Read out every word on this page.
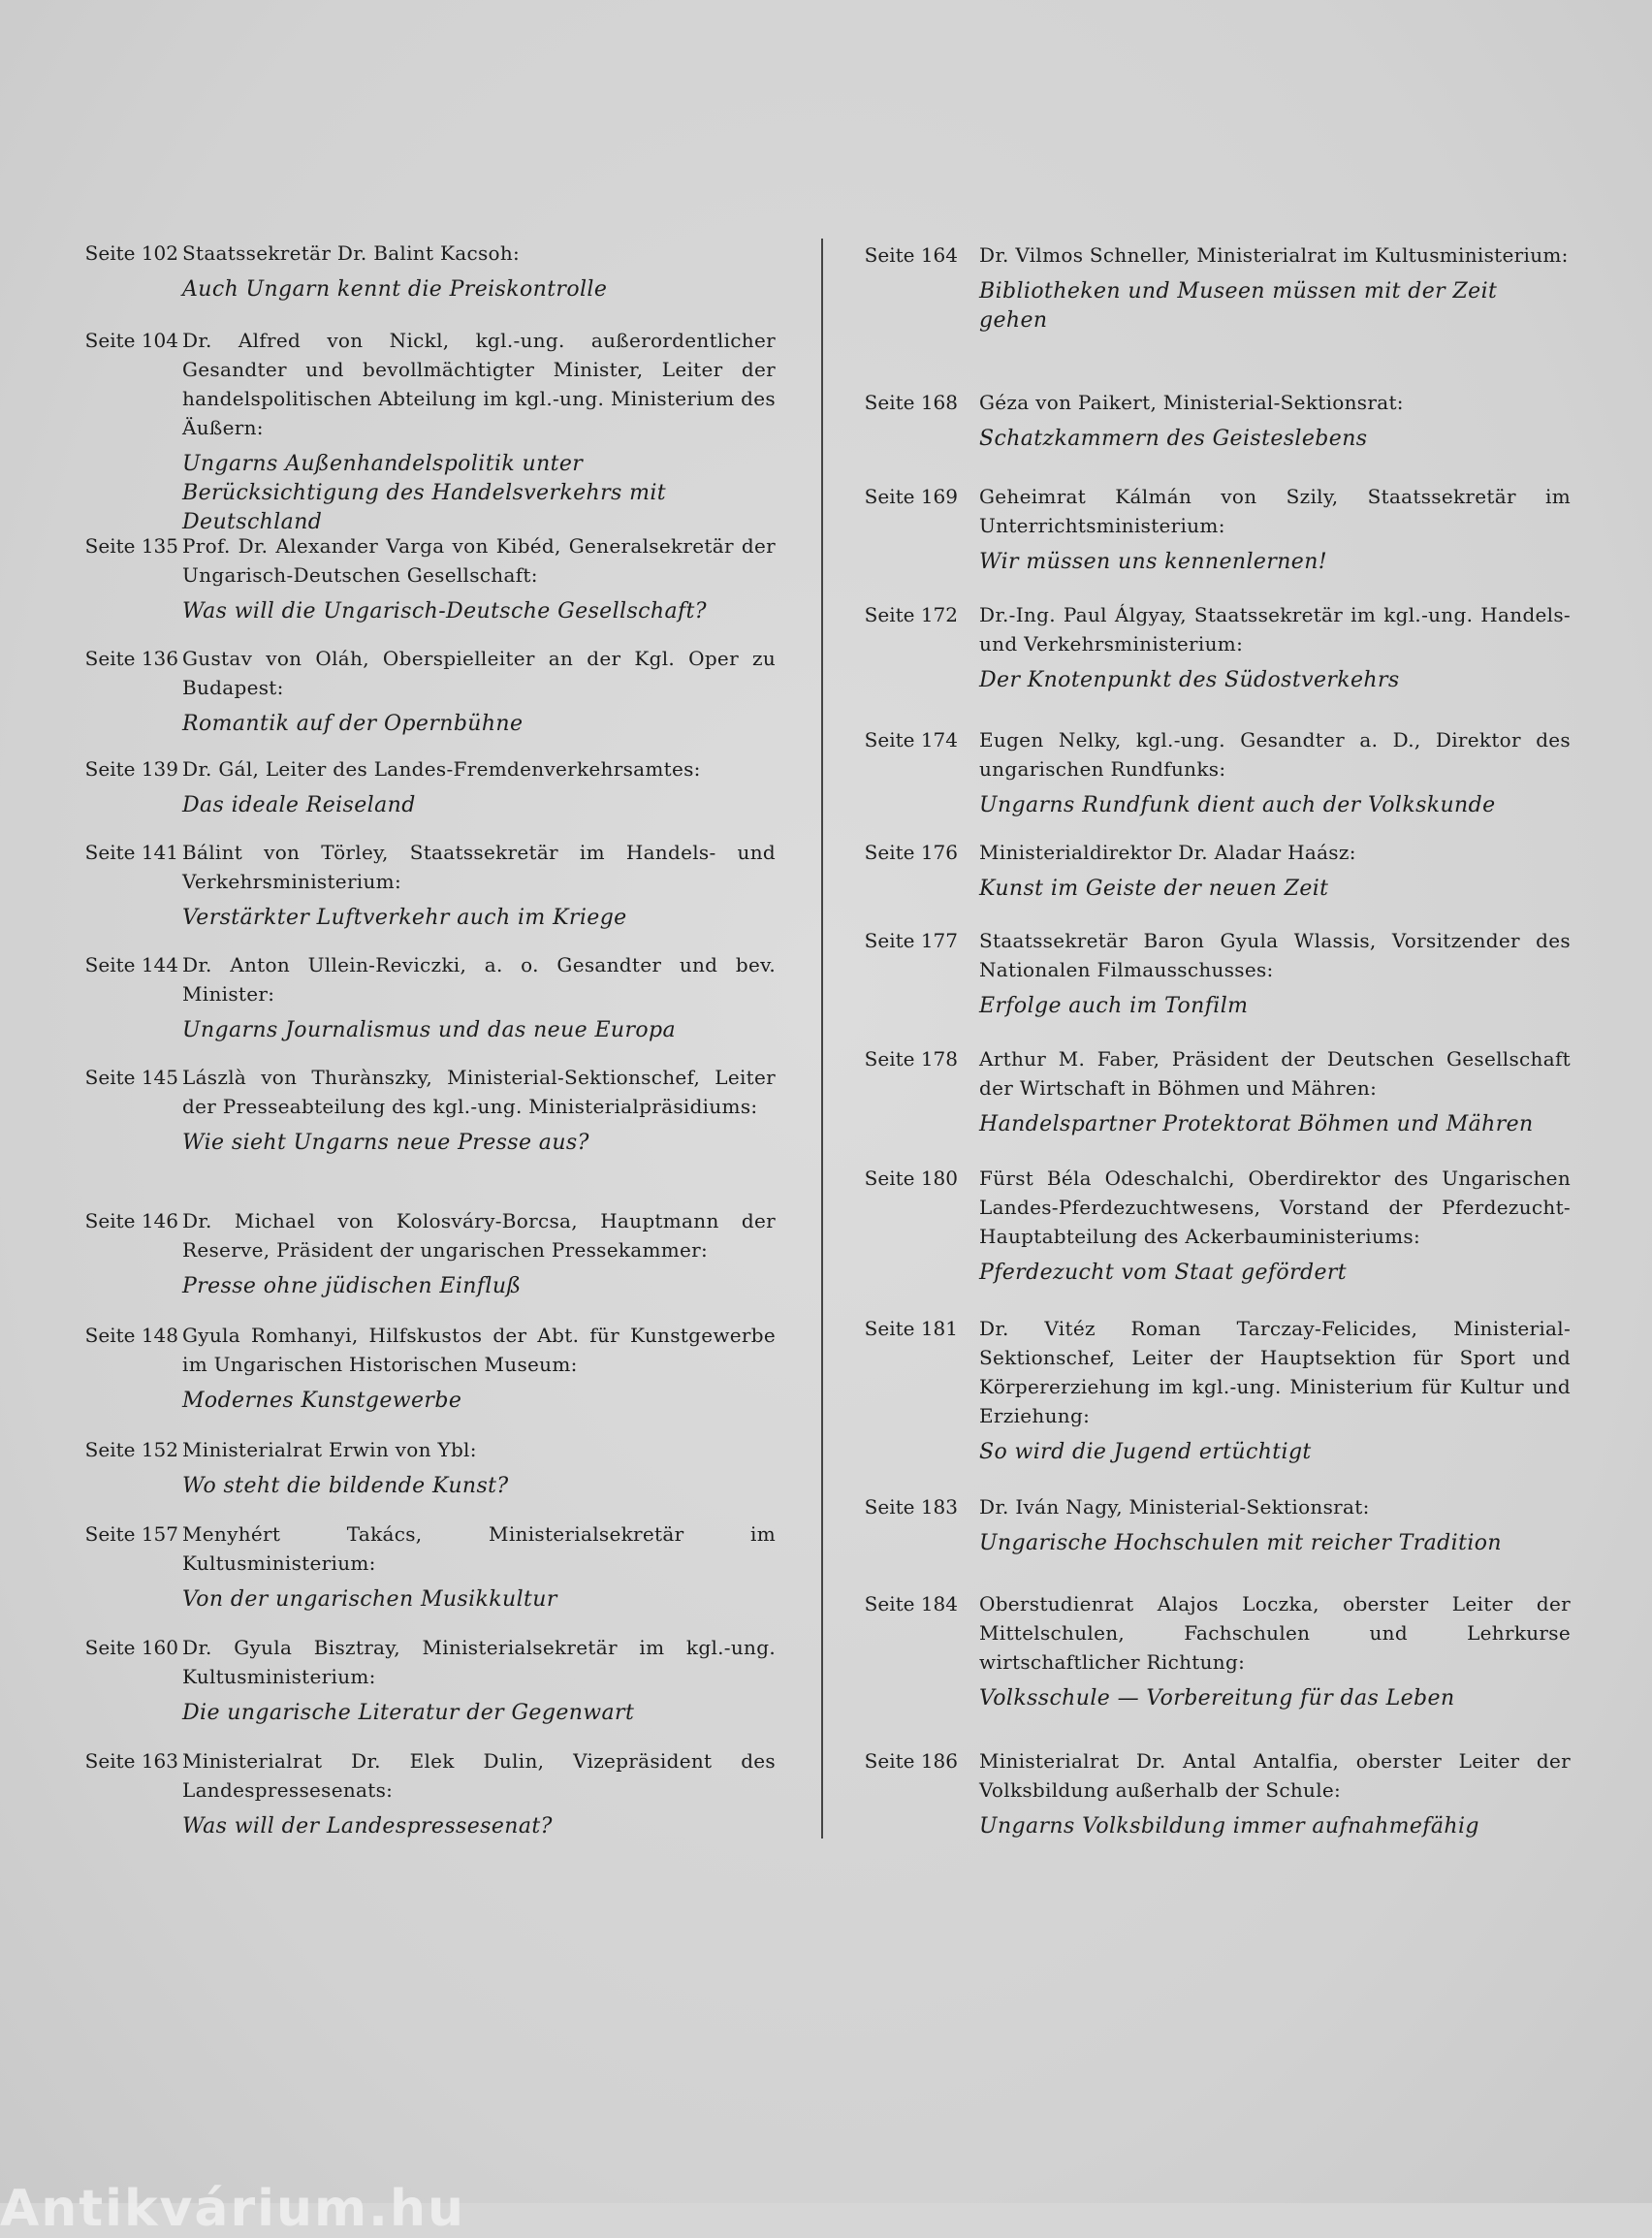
Seite 102 Staatssekretär Dr. Balint Kacsoh:
Auch Ungarn kennt die Preiskontrolle
Seite 104 Dr. Alfred von Nickl, kgl.-ung. außerordentlicher Gesandter und bevollmächtigter Minister, Leiter der handelspolitischen Abteilung im kgl.-ung. Ministerium des Äußern:
Ungarns Außenhandelspolitik unter Berücksichtigung des Handelsverkehrs mit Deutschland
Seite 135 Prof. Dr. Alexander Varga von Kibéd, Generalsekretär der Ungarisch-Deutschen Gesellschaft:
Was will die Ungarisch-Deutsche Gesellschaft?
Seite 136 Gustav von Oláh, Oberspielleiter an der Kgl. Oper zu Budapest:
Romantik auf der Opernbühne
Seite 139 Dr. Gál, Leiter des Landes-Fremdenverkehrsamtes:
Das ideale Reiseland
Seite 141 Bálint von Törley, Staatssekretär im Handels- und Verkehrsministerium:
Verstärkter Luftverkehr auch im Kriege
Seite 144 Dr. Anton Ullein-Reviczki, a. o. Gesandter und bev. Minister:
Ungarns Journalismus und das neue Europa
Seite 145 Lászlà von Thurànszky, Ministerial-Sektionschef, Leiter der Presseabteilung des kgl.-ung. Ministerialpräsidiums:
Wie sieht Ungarns neue Presse aus?
Seite 146 Dr. Michael von Kolosváry-Borcsa, Hauptmann der Reserve, Präsident der ungarischen Pressekammer:
Presse ohne jüdischen Einfluß
Seite 148 Gyula Romhanyi, Hilfskustos der Abt. für Kunstgewerbe im Ungarischen Historischen Museum:
Modernes Kunstgewerbe
Seite 152 Ministerialrat Erwin von Ybl:
Wo steht die bildende Kunst?
Seite 157 Menyhért Takács, Ministerialsekretär im Kultusministerium:
Von der ungarischen Musikkultur
Seite 160 Dr. Gyula Bisztray, Ministerialsekretär im kgl.-ung. Kultusministerium:
Die ungarische Literatur der Gegenwart
Seite 163 Ministerialrat Dr. Elek Dulin, Vizepräsident des Landespressesenats:
Was will der Landespressesenat?
Seite 164 Dr. Vilmos Schneller, Ministerialrat im Kultusministerium:
Bibliotheken und Museen müssen mit der Zeit gehen
Seite 168 Géza von Paikert, Ministerial-Sektionsrat:
Schatzkammern des Geisteslebens
Seite 169 Geheimrat Kálmán von Szily, Staatssekretär im Unterrichtsministerium:
Wir müssen uns kennenlernen!
Seite 172 Dr.-Ing. Paul Álgyay, Staatssekretär im kgl.-ung. Handels- und Verkehrsministerium:
Der Knotenpunkt des Südostverkehrs
Seite 174 Eugen Nelky, kgl.-ung. Gesandter a. D., Direktor des ungarischen Rundfunks:
Ungarns Rundfunk dient auch der Volkskunde
Seite 176 Ministerialdirektor Dr. Aladar Haász:
Kunst im Geiste der neuen Zeit
Seite 177 Staatssekretär Baron Gyula Wlassis, Vorsitzender des Nationalen Filmausschusses:
Erfolge auch im Tonfilm
Seite 178 Arthur M. Faber, Präsident der Deutschen Gesellschaft der Wirtschaft in Böhmen und Mähren:
Handelspartner Protektorat Böhmen und Mähren
Seite 180 Fürst Béla Odeschalchi, Oberdirektor des Ungarischen Landes-Pferdezuchtwesens, Vorstand der Pferdezucht-Hauptabteilung des Ackerbauministeriums:
Pferdezucht vom Staat gefördert
Seite 181 Dr. Vitéz Roman Tarczay-Felicides, Ministerial-Sektionschef, Leiter der Hauptsektion für Sport und Körpererziehung im kgl.-ung. Ministerium für Kultur und Erziehung:
So wird die Jugend ertüchtigt
Seite 183 Dr. Iván Nagy, Ministerial-Sektionsrat:
Ungarische Hochschulen mit reicher Tradition
Seite 184 Oberstudienrat Alajos Loczka, oberster Leiter der Mittelschulen, Fachschulen und Lehrkurse wirtschaftlicher Richtung:
Volksschule — Vorbereitung für das Leben
Seite 186 Ministerialrat Dr. Antal Antalfia, oberster Leiter der Volksbildung außerhalb der Schule:
Ungarns Volksbildung immer aufnahmefähig
Antikvárium.hu
